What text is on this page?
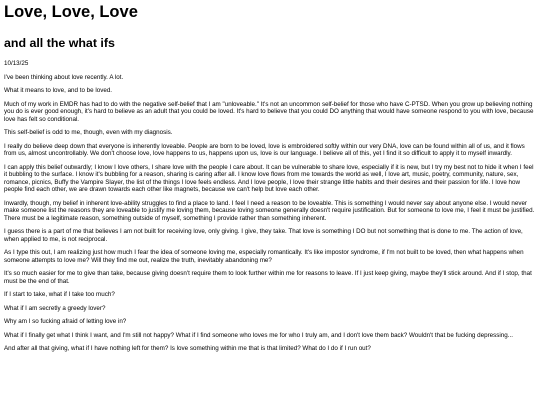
Love, Love, Love
and all the what ifs
10/13/25

I've been thinking about love recently. A lot.

What it means to love, and to be loved.

Much of my work in EMDR has had to do with the negative self-belief that I am "unloveable." It's not an uncommon self-belief for those who have C-PTSD. When you grow up believing nothing you do is ever good enough, it's hard to believe as an adult that you could be loved. It's hard to believe that you could DO anything that would have someone respond to you with love, because love has felt so conditional.

This self-belief is odd to me, though, even with my diagnosis.

I really do believe deep down that everyone is inherently loveable. People are born to be loved, love is embroidered softly within our very DNA, love can be found within all of us, and it flows from us, almost uncontrollably. We don't choose love, love happens to us, happens upon us, love is our language. I believe all of this, yet I find it so difficult to apply it to myself inwardly.

I can apply this belief outwardly; I know I love others, I share love with the people I care about. It can be vulnerable to share love, especially if it is new, but I try my best not to hide it when I feel it bubbling to the surface. I know it's bubbling for a reason, sharing is caring after all. I know love flows from me towards the world as well, I love art, music, poetry, community, nature, sex, romance, picnics, Buffy the Vampire Slayer, the list of the things I love feels endless. And I love people, I love their strange little habits and their desires and their passion for life. I love how people find each other, we are drawn towards each other like magnets, because we can't help but love each other.

Inwardly, though, my belief in inherent love-ability struggles to find a place to land. I feel I need a reason to be loveable. This is something I would never say about anyone else. I would never make someone list the reasons they are loveable to justify me loving them, because loving someone generally doesn't require justification. But for someone to love me, I feel it must be justified. There must be a legitimate reason, something outside of myself, something I provide rather than something inherent.

I guess there is a part of me that believes I am not built for receiving love, only giving. I give, they take. That love is something I DO but not something that is done to me. The action of love, when applied to me, is not reciprocal.

As I type this out, I am realizing just how much I fear the idea of someone loving me, especially romantically. It's like impostor syndrome, if I'm not built to be loved, then what happens when someone attempts to love me? Will they find me out, realize the truth, inevitably abandoning me?

It's so much easier for me to give than take, because giving doesn't require them to look further within me for reasons to leave. If I just keep giving, maybe they'll stick around. And if I stop, that must be the end of that.

If I start to take, what if I take too much?

What if I am secretly a greedy lover?

Why am I so fucking afraid of letting love in?

What if I finally get what I think I want, and I'm still not happy? What if I find someone who loves me for who I truly am, and I don't love them back? Wouldn't that be fucking depressing...

And after all that giving, what if I have nothing left for them? Is love something within me that is that limited? What do I do if I run out?
